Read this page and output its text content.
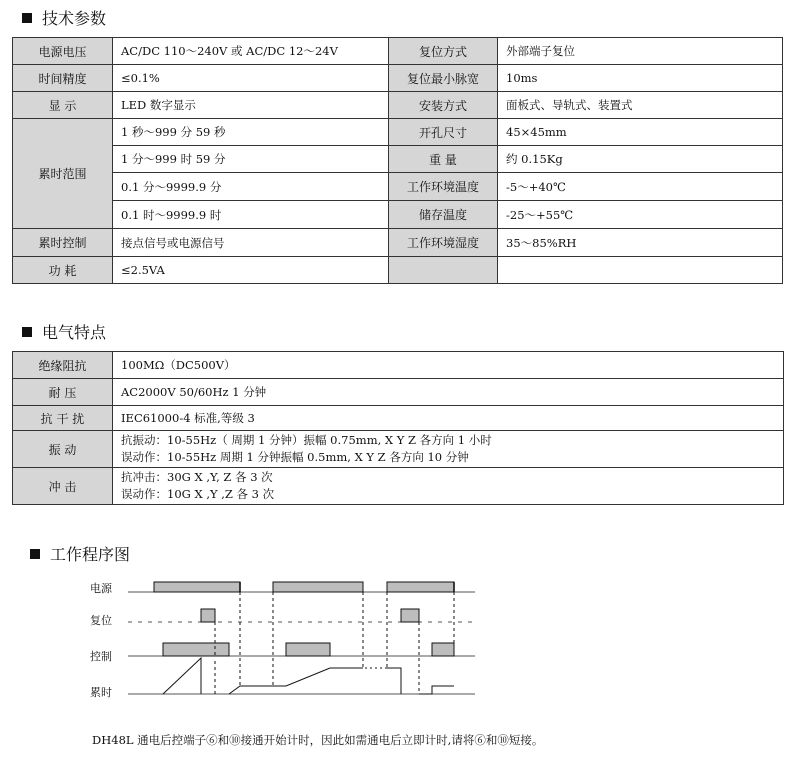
技术参数
电源电压	AC/DC 110～240V 或 AC/DC 12～24V	复位方式	外部端子复位
时间精度	≤0.1%	复位最小脉宽	10ms
显 示	LED 数字显示	安装方式	面板式、导轨式、装置式
累时范围	1 秒～999 分 59 秒	开孔尺寸	45×45mm
	1 分～999 时 59 分	重 量	约 0.15Kg
	0.1 分～9999.9 分	工作环境温度	-5～+40℃
	0.1 时～9999.9 时	储存温度	-25～+55℃
累时控制	接点信号或电源信号	工作环境湿度	35～85%RH
功 耗	≤2.5VA		
电气特点
绝缘阻抗	100MΩ（DC500V）
耐 压	AC2000V 50/60Hz 1 分钟
抗 干 扰	IEC61000-4 标准,等级 3
振 动	抗振动：10-55Hz（ 周期 1 分钟）振幅 0.75mm, X Y Z 各方向 1 小时
误动作：10-55Hz 周期 1 分钟振幅 0.5mm, X Y Z 各方向 10 分钟

冲 击	抗冲击：30G X ,Y, Z 各 3 次
误动作：10G X ,Y ,Z 各 3 次
工作程序图
电源
复位
控制
累时
DH48L 通电后控端子⑥和⑩接通开始计时，因此如需通电后立即计时,请将⑥和⑩短接。
